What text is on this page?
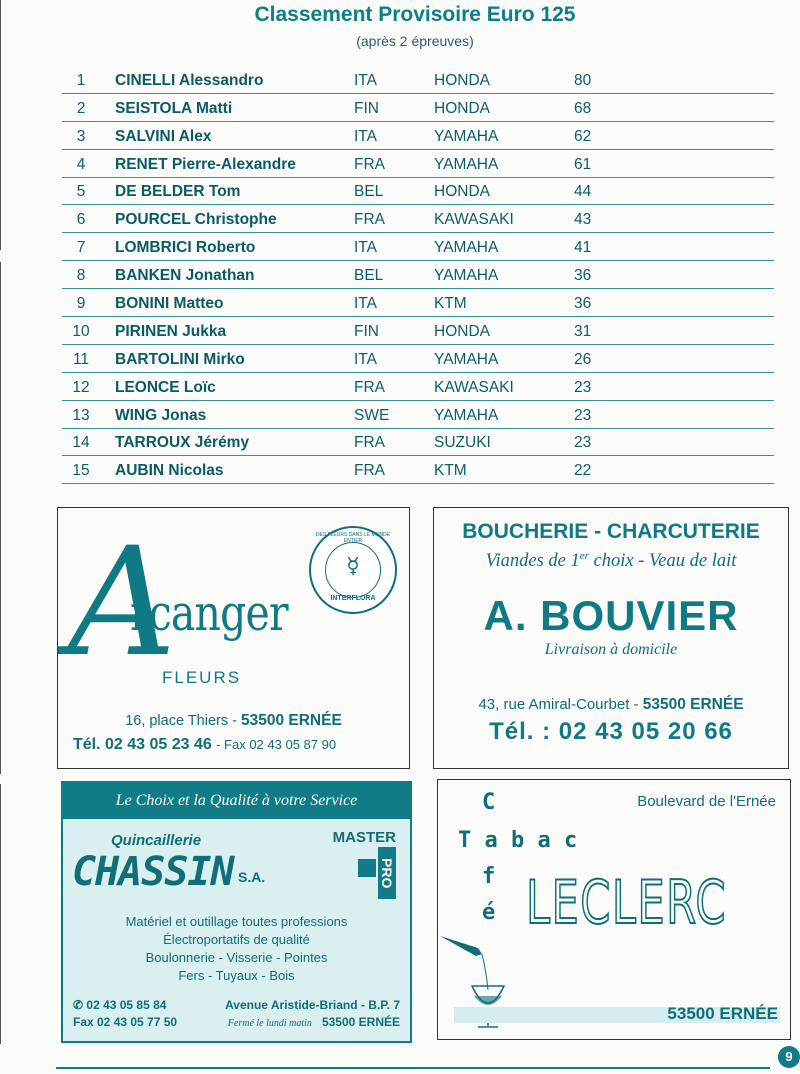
Classement Provisoire Euro 125
(après 2 épreuves)
1	CINELLI Alessandro	ITA	HONDA	80
2	SEISTOLA Matti	FIN	HONDA	68
3	SALVINI Alex	ITA	YAMAHA	62
4	RENET Pierre-Alexandre	FRA	YAMAHA	61
5	DE BELDER Tom	BEL	HONDA	44
6	POURCEL Christophe	FRA	KAWASAKI	43
7	LOMBRICI Roberto	ITA	YAMAHA	41
8	BANKEN Jonathan	BEL	YAMAHA	36
9	BONINI Matteo	ITA	KTM	36
10	PIRINEN Jukka	FIN	HONDA	31
11	BARTOLINI Mirko	ITA	YAMAHA	26
12	LEONCE Loïc	FRA	KAWASAKI	23
13	WING Jonas	SWE	YAMAHA	23
14	TARROUX Jérémy	FRA	SUZUKI	23
15	AUBIN Nicolas	FRA	KTM	22
A
rcanger
FLEURS
DES FLEURS DANS LE MONDE ENTIER
☿
INTERFLORA
16, place Thiers - 53500 ERNÉE
Tél. 02 43 05 23 46 - Fax 02 43 05 87 90
BOUCHERIE - CHARCUTERIE
Viandes de 1er choix - Veau de lait
A. BOUVIER
Livraison à domicile
43, rue Amiral-Courbet - 53500 ERNÉE
Tél. : 02 43 05 20 66
Le Choix et la Qualité à votre Service
Quincaillerie
CHASSIN S.A.
MASTER
PRO
Matériel et outillage toutes professions
Électroportatifs de qualité
Boulonnerie - Visserie - Pointes
Fers - Tuyaux - Bois
✆ 02 43 05 85 84
Fax 02 43 05 77 50
Avenue Aristide-Briand - B.P. 7
Fermé le lundi matin 53500 ERNÉE
Boulevard de l'Ernée
C
T a b a c
f
é LECLERC
53500 ERNÉE
9
